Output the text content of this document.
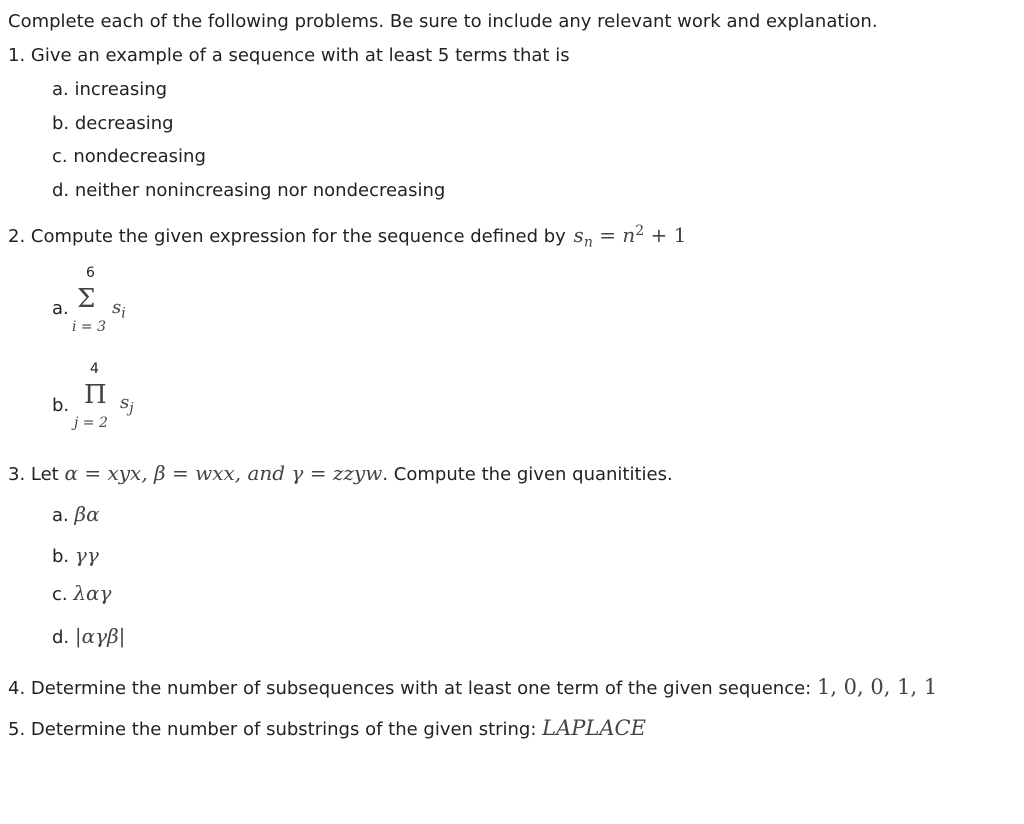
Complete each of the following problems. Be sure to include any relevant work and explanation.
1. Give an example of a sequence with at least 5 terms that is
a. increasing
b. decreasing
c. nondecreasing
d. neither nonincreasing nor nondecreasing
2. Compute the given expression for the sequence defined by $s_n = n^2 + 1$
a.
6
Σ $s_i$
i = 3
b.
4
Π $s_j$
j = 2
3. Let α = xyx, β = wxx, and γ = zzyw. Compute the given quanitities.
a. βα
b. γγ
c. λαγ
d. |αγβ|
4. Determine the number of subsequences with at least one term of the given sequence: 1, 0, 0, 1, 1
5. Determine the number of substrings of the given string: LAPLACE
